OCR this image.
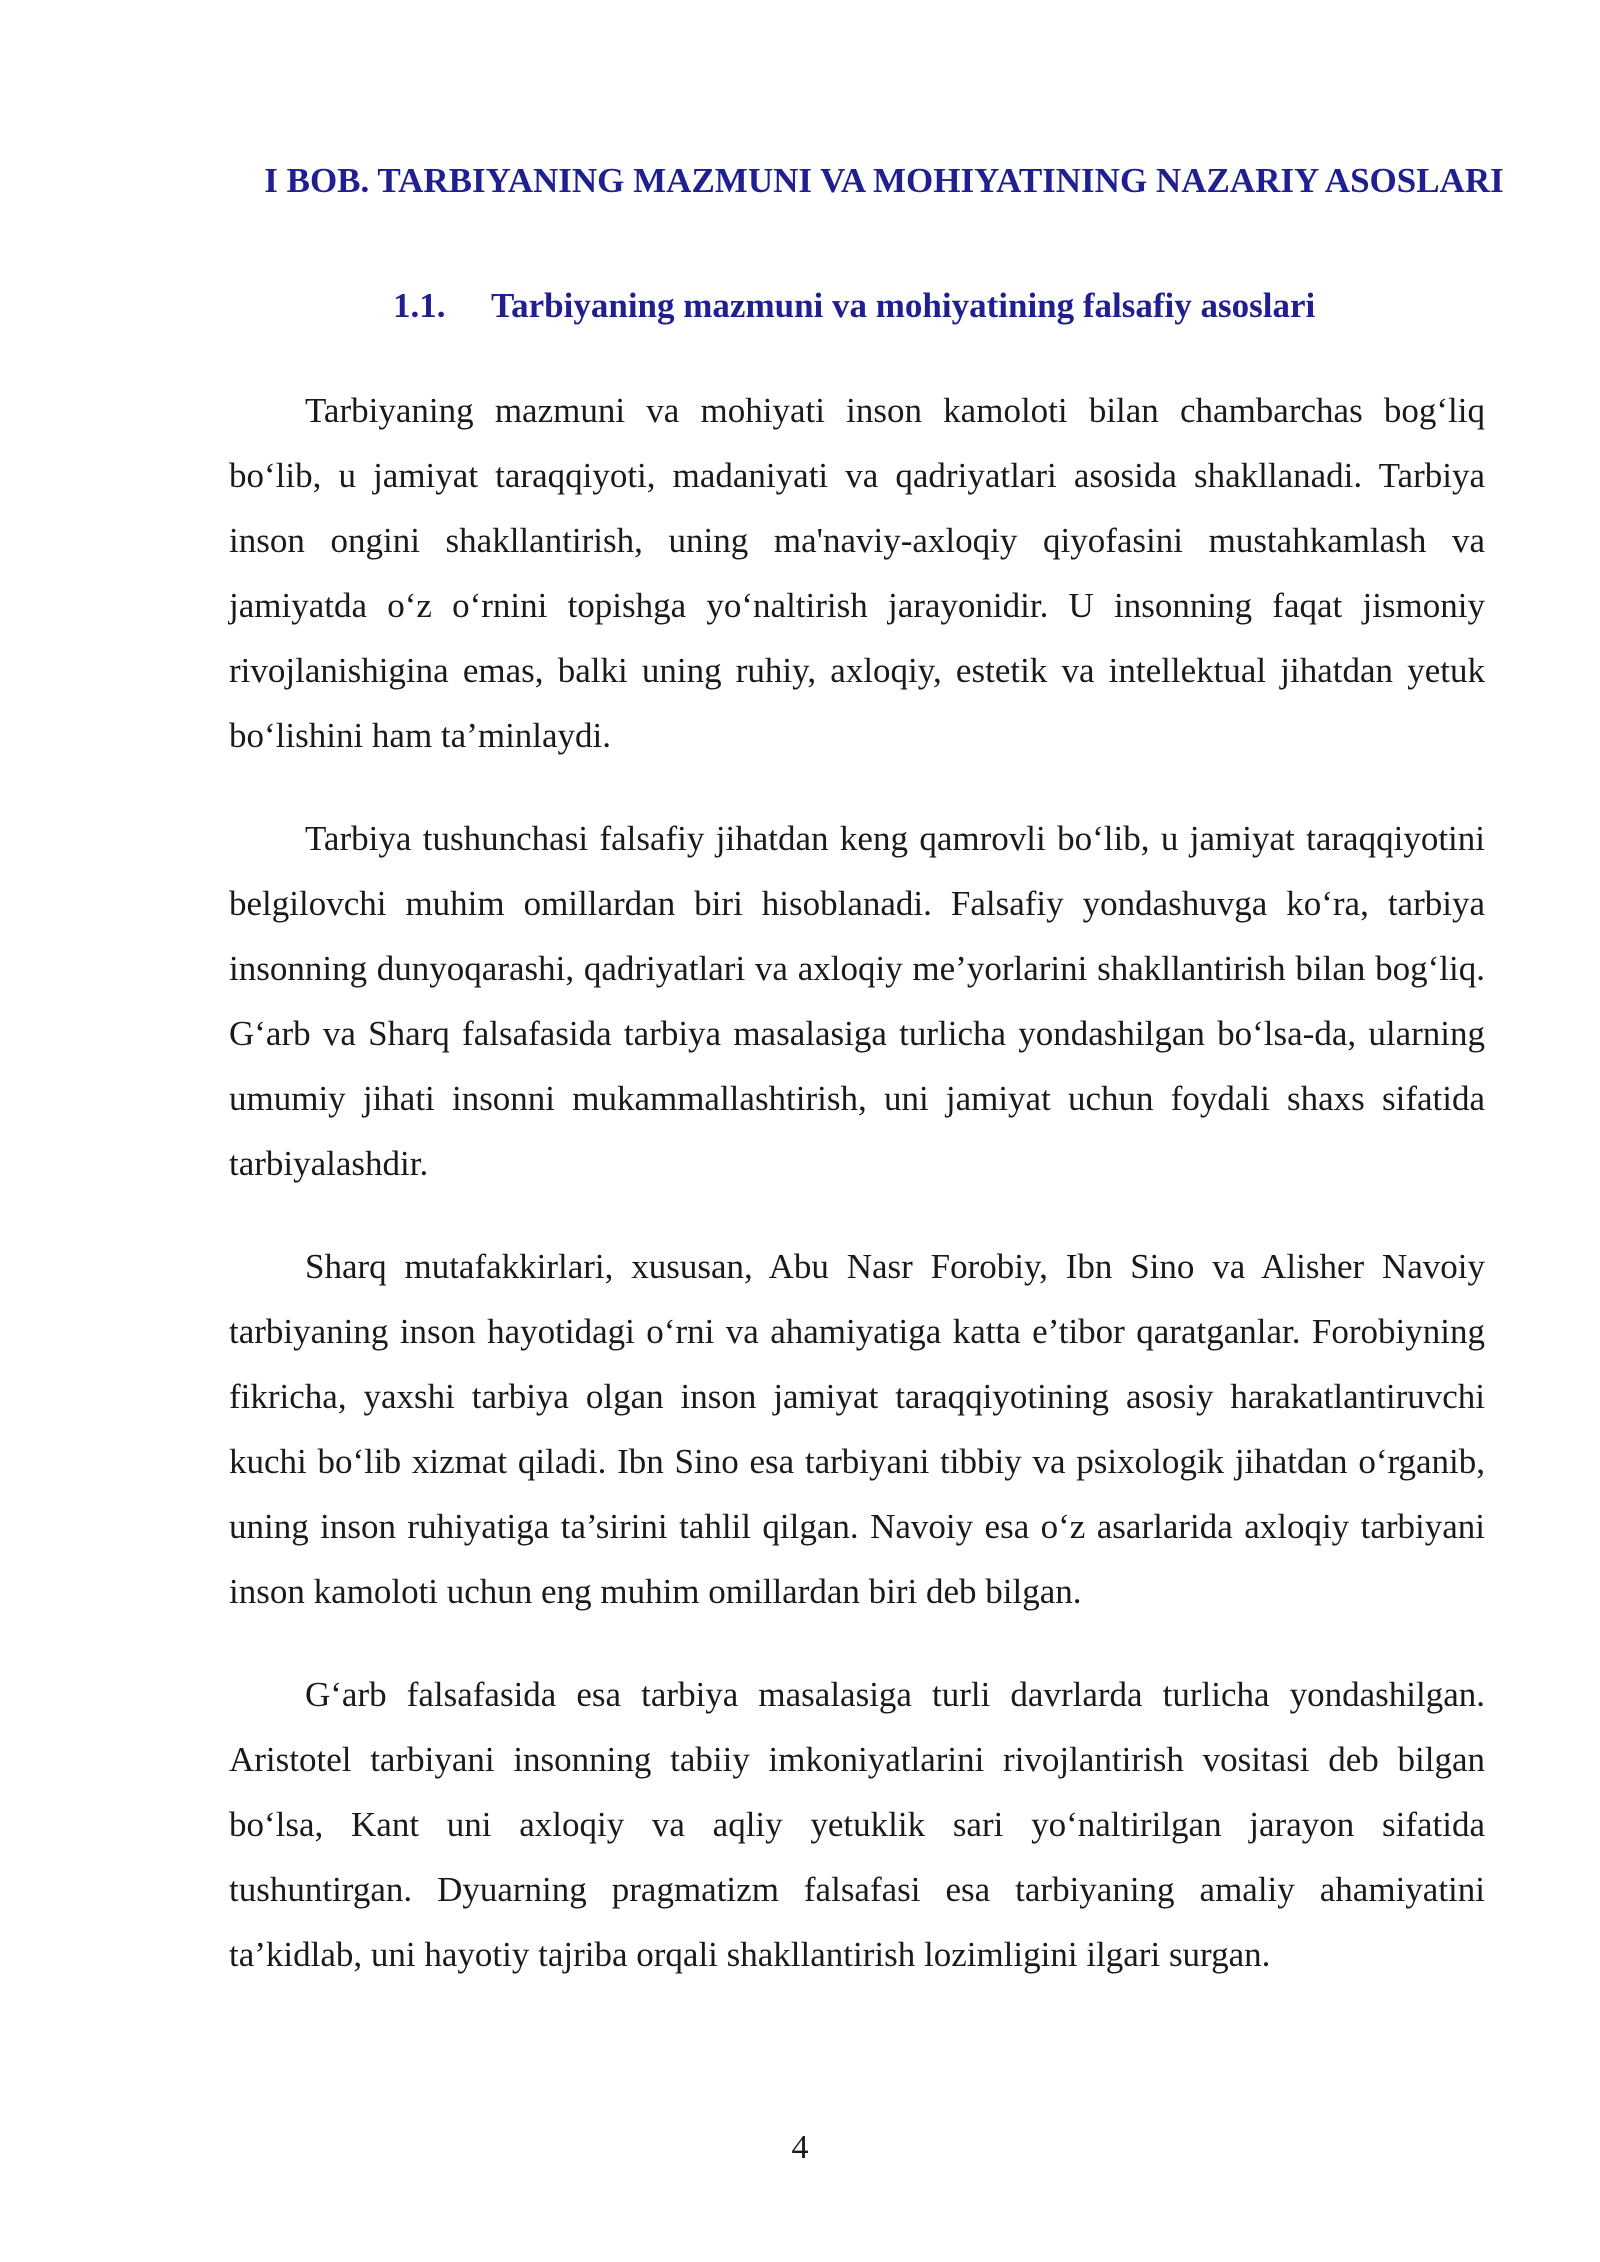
I BOB. TARBIYANING MAZMUNI VA MOHIYATINING NAZARIY ASOSLARI
1.1. Tarbiyaning mazmuni va mohiyatining falsafiy asoslari

Tarbiyaning mazmuni va mohiyati inson kamoloti bilan chambarchas bog‘liq bo‘lib, u jamiyat taraqqiyoti, madaniyati va qadriyatlari asosida shakllanadi. Tarbiya inson ongini shakllantirish, uning ma'naviy-axloqiy qiyofasini mustahkamlash va jamiyatda o‘z o‘rnini topishga yo‘naltirish jarayonidir. U insonning faqat jismoniy rivojlanishigina emas, balki uning ruhiy, axloqiy, estetik va intellektual jihatdan yetuk bo‘lishini ham ta’minlaydi.

Tarbiya tushunchasi falsafiy jihatdan keng qamrovli bo‘lib, u jamiyat taraqqiyotini belgilovchi muhim omillardan biri hisoblanadi. Falsafiy yondashuvga ko‘ra, tarbiya insonning dunyoqarashi, qadriyatlari va axloqiy me’yorlarini shakllantirish bilan bog‘liq. G‘arb va Sharq falsafasida tarbiya masalasiga turlicha yondashilgan bo‘lsa-da, ularning umumiy jihati insonni mukammallashtirish, uni jamiyat uchun foydali shaxs sifatida tarbiyalashdir.

Sharq mutafakkirlari, xususan, Abu Nasr Forobiy, Ibn Sino va Alisher Navoiy tarbiyaning inson hayotidagi o‘rni va ahamiyatiga katta e’tibor qaratganlar. Forobiyning fikricha, yaxshi tarbiya olgan inson jamiyat taraqqiyotining asosiy harakatlantiruvchi kuchi bo‘lib xizmat qiladi. Ibn Sino esa tarbiyani tibbiy va psixologik jihatdan o‘rganib, uning inson ruhiyatiga ta’sirini tahlil qilgan. Navoiy esa o‘z asarlarida axloqiy tarbiyani inson kamoloti uchun eng muhim omillardan biri deb bilgan.

G‘arb falsafasida esa tarbiya masalasiga turli davrlarda turlicha yondashilgan. Aristotel tarbiyani insonning tabiiy imkoniyatlarini rivojlantirish vositasi deb bilgan bo‘lsa, Kant uni axloqiy va aqliy yetuklik sari yo‘naltirilgan jarayon sifatida tushuntirgan. Dyuarning pragmatizm falsafasi esa tarbiyaning amaliy ahamiyatini ta’kidlab, uni hayotiy tajriba orqali shakllantirish lozimligini ilgari surgan.

4
